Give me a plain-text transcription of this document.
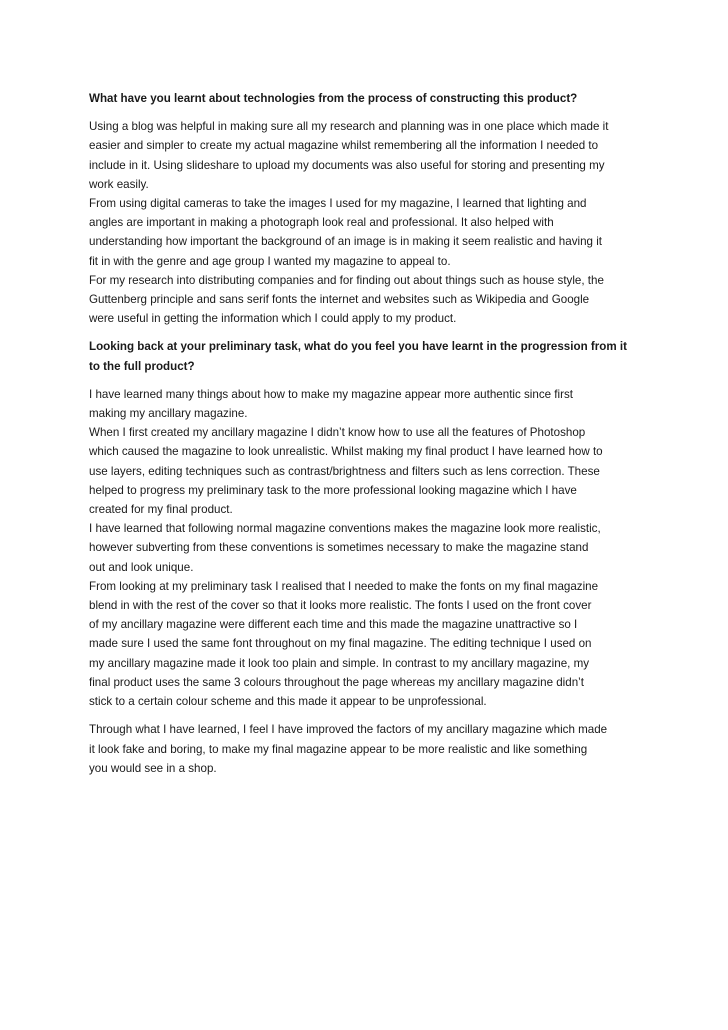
What have you learnt about technologies from the process of constructing this product?
Using a blog was helpful in making sure all my research and planning was in one place which made it
easier and simpler to create my actual magazine whilst remembering all the information I needed to
include in it. Using slideshare to upload my documents was also useful for storing and presenting my
work easily.
From using digital cameras to take the images I used for my magazine, I learned that lighting and
angles are important in making a photograph look real and professional. It also helped with
understanding how important the background of an image is in making it seem realistic and having it
fit in with the genre and age group I wanted my magazine to appeal to.
For my research into distributing companies and for finding out about things such as house style, the
Guttenberg principle and sans serif fonts the internet and websites such as Wikipedia and Google
were useful in getting the information which I could apply to my product.
Looking back at your preliminary task, what do you feel you have learnt in the progression from it
to the full product?
I have learned many things about how to make my magazine appear more authentic since first
making my ancillary magazine.
When I first created my ancillary magazine I didn’t know how to use all the features of Photoshop
which caused the magazine to look unrealistic. Whilst making my final product I have learned how to
use layers, editing techniques such as contrast/brightness and filters such as lens correction. These
helped to progress my preliminary task to the more professional looking magazine which I have
created for my final product.
I have learned that following normal magazine conventions makes the magazine look more realistic,
however subverting from these conventions is sometimes necessary to make the magazine stand
out and look unique.
From looking at my preliminary task I realised that I needed to make the fonts on my final magazine
blend in with the rest of the cover so that it looks more realistic. The fonts I used on the front cover
of my ancillary magazine were different each time and this made the magazine unattractive so I
made sure I used the same font throughout on my final magazine. The editing technique I used on
my ancillary magazine made it look too plain and simple. In contrast to my ancillary magazine, my
final product uses the same 3 colours throughout the page whereas my ancillary magazine didn’t
stick to a certain colour scheme and this made it appear to be unprofessional.
Through what I have learned, I feel I have improved the factors of my ancillary magazine which made
it look fake and boring, to make my final magazine appear to be more realistic and like something
you would see in a shop.
